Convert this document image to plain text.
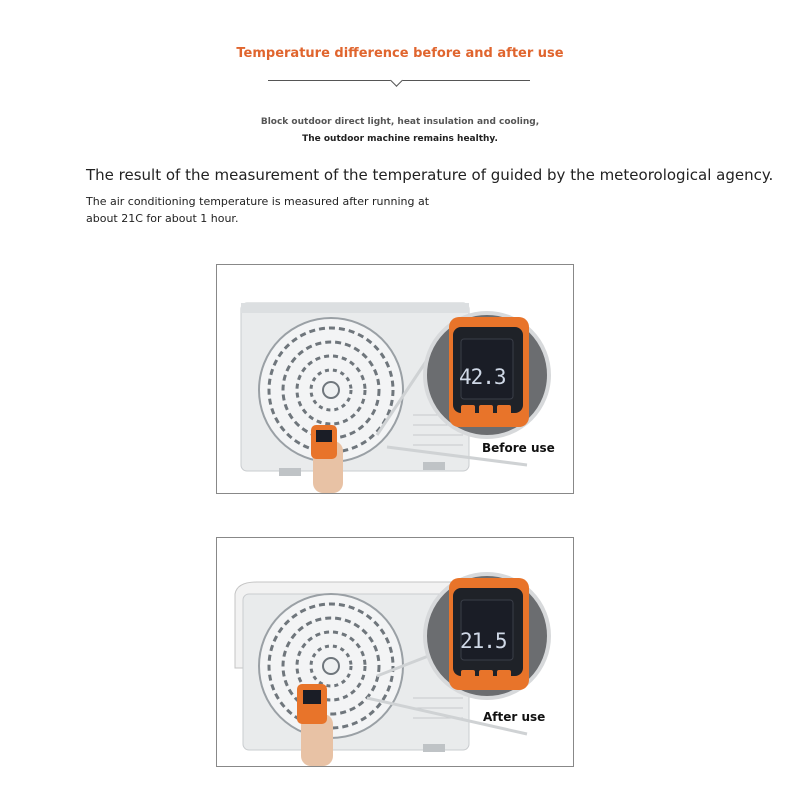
Temperature difference before and after use
Block outdoor direct light, heat insulation and cooling,
The outdoor machine remains healthy.
The result of the measurement of the temperature of guided by the meteorological agency.
The air conditioning temperature is measured after running at
about 21C for about 1 hour.
42.3
Before use
21.5
After use
